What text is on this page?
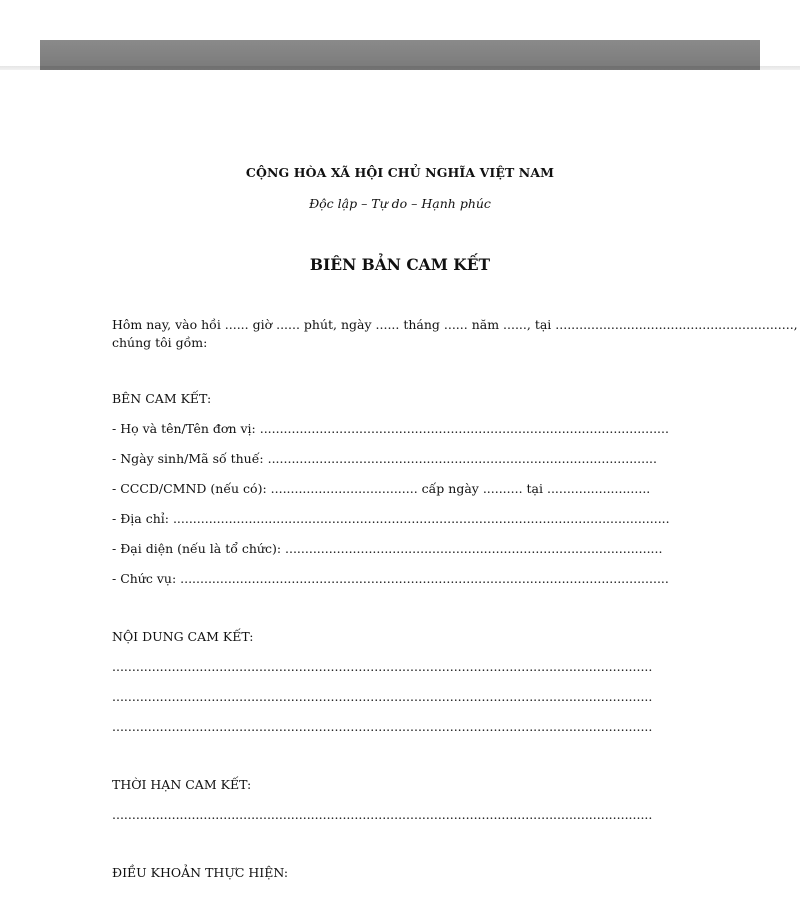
CỘNG HÒA XÃ HỘI CHỦ NGHĨA VIỆT NAM
Độc lập – Tự do – Hạnh phúc
BIÊN BẢN CAM KẾT
Hôm nay, vào hồi ...... giờ ...... phút, ngày ...... tháng ...... năm ......, tại ............................................................,
chúng tôi gồm:
BÊN CAM KẾT:
- Họ và tên/Tên đơn vị: .......................................................................................................
- Ngày sinh/Mã số thuế: ..................................................................................................
- CCCD/CMND (nếu có): ..................................... cấp ngày .......... tại ..........................
- Địa chỉ: .............................................................................................................................
- Đại diện (nếu là tổ chức): ...............................................................................................
- Chức vụ: ...........................................................................................................................
NỘI DUNG CAM KẾT:
........................................................................................................................................
........................................................................................................................................
........................................................................................................................................
THỜI HẠN CAM KẾT:
........................................................................................................................................
ĐIỀU KHOẢN THỰC HIỆN:
